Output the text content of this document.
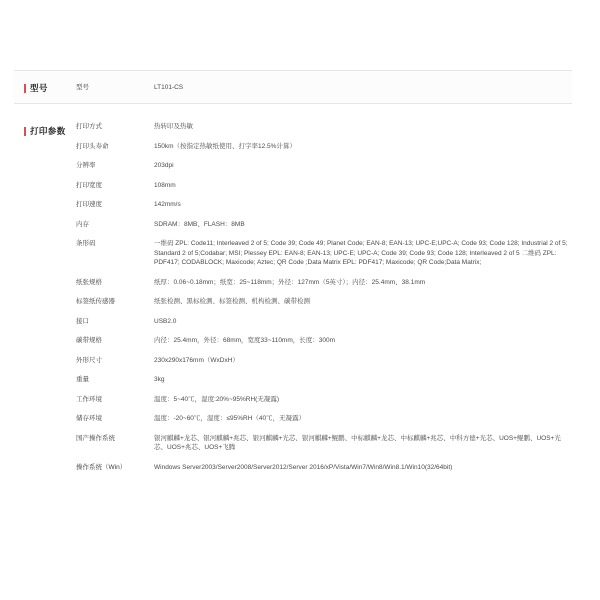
型号	型号	LT101-CS

打印参数	打印方式	热转印及热敏
	打印头寿命	150km（按指定热敏纸使用、打字率12.5%计算）
	分辨率	203dpi
	打印宽度	108mm
	打印速度	142mm/s
	内存	SDRAM：8MB、FLASH：8MB
	条形码	一维码 ZPL: Code11; Interleaved 2 of 5; Code 39; Code 49; Planet Code; EAN-8; EAN-13; UPC-E;UPC-A; Code 93; Code 128; Industrial 2 of 5; Standard 2 of 5;Codabar; MSI; Plessey EPL: EAN-8; EAN-13; UPC-E; UPC-A; Code 39; Code 93; Code 128; Interleaved 2 of 5 二维码 ZPL: PDF417; CODABLOCK; Maxicode; Aztec; QR Code ;Data Matrix EPL: PDF417; Maxicode; QR Code;Data Matrix;
	纸张规格	纸厚：0.06~0.18mm；纸宽：25~118mm；外径：127mm（5英寸）；内径：25.4mm、38.1mm
	标签纸传感器	纸张检测、黑标检测、标签检测、机构检测、碳带检测
	接口	USB2.0
	碳带规格	内径：25.4mm，外径：68mm，宽度33~110mm，长度：300m
	外形尺寸	230x290x176mm（WxDxH）
	重量	3kg
	工作环境	温度：5~40℃，湿度:20%~95%RH(无凝露)
	储存环境	温度：-20~60℃，湿度：≤95%RH（40℃，无凝露）
	国产操作系统	银河麒麟+龙芯、银河麒麟+兆芯、银河麒麟+光芯、银河麒麟+鲲鹏、中标麒麟+龙芯、中标麒麟+兆芯、中科方德+光芯、UOS+鲲鹏、UOS+光芯、UOS+兆芯、UOS+飞腾
	操作系统（Win）	Windows Server2003/Server2008/Server2012/Server 2016/xP/Vista/Win7/Win8/Win8.1/Win10(32/64bit)
